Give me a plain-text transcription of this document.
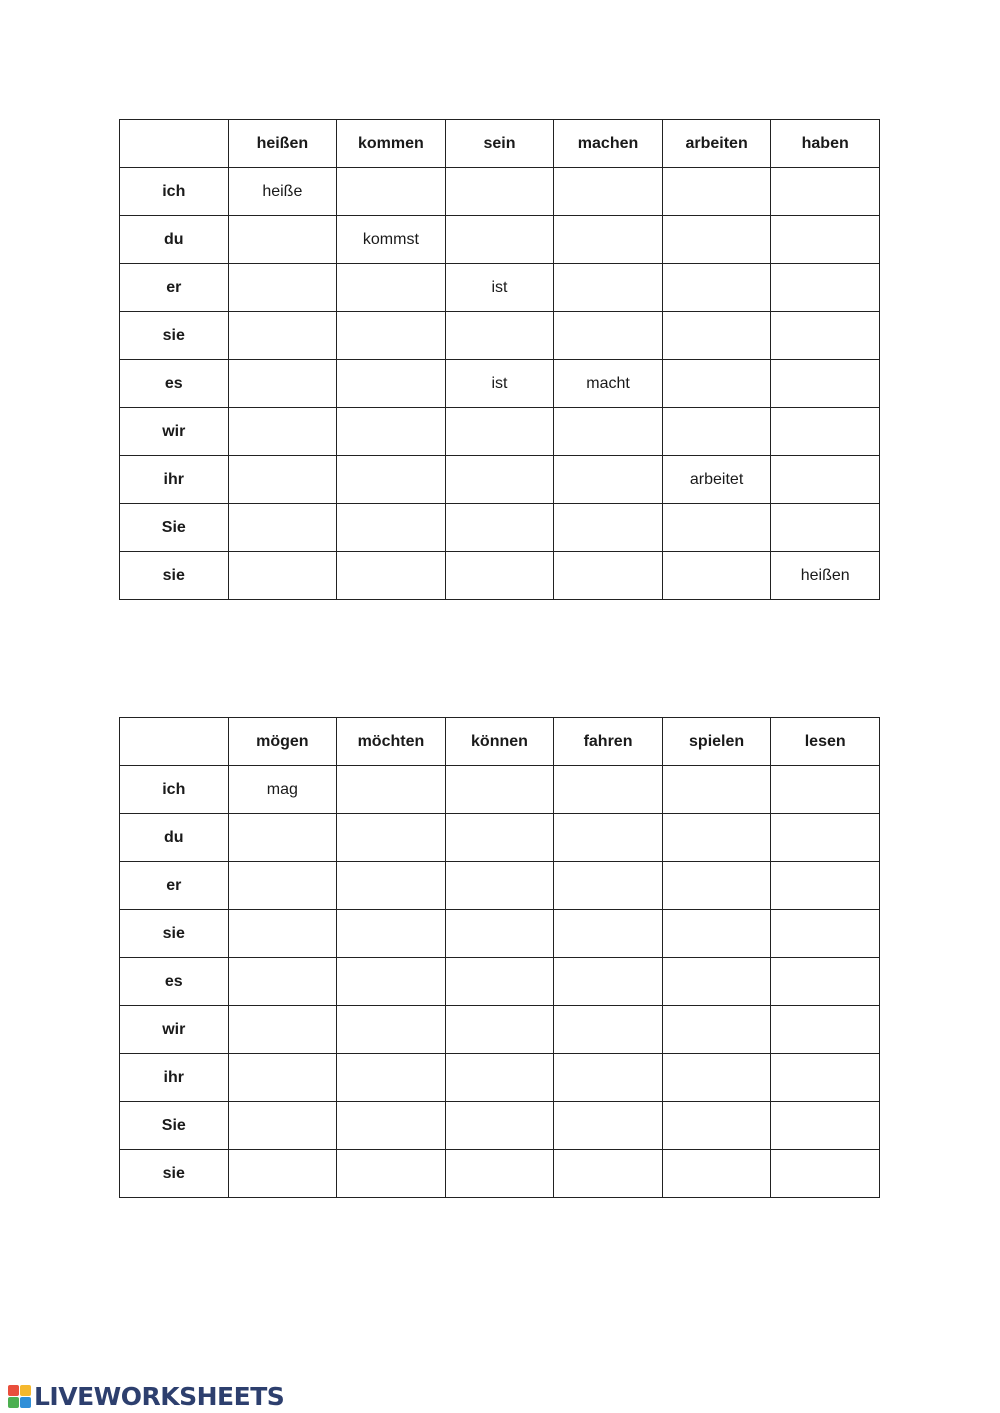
	heißen	kommen	sein	machen	arbeiten	haben
ich	heiße					
du		kommst				
er			ist			
sie						
es			ist	macht		
wir						
ihr					arbeitet	
Sie						
sie						heißen
	mögen	möchten	können	fahren	spielen	lesen
ich	mag					
du						
er						
sie						
es						
wir						
ihr						
Sie						
sie						
LIVEWORKSHEETS
